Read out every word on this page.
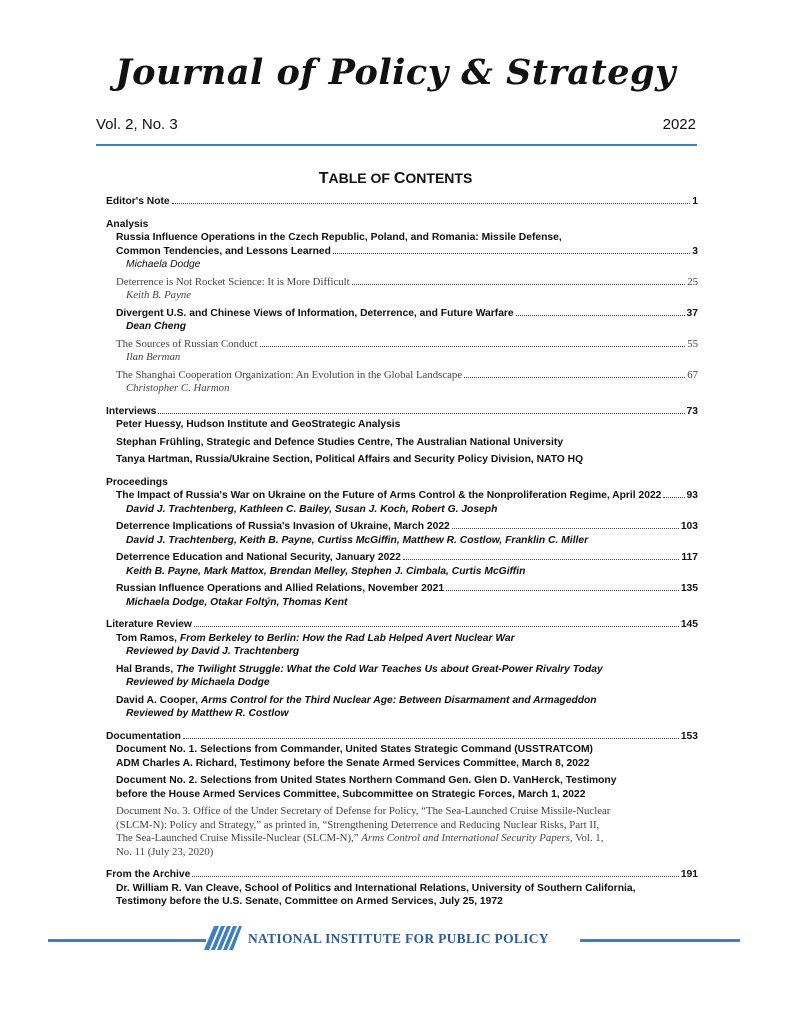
Journal of Policy & Strategy
Vol. 2, No. 3	2022
TABLE OF CONTENTS
Editor's Note	1
Analysis
Russia Influence Operations in the Czech Republic, Poland, and Romania: Missile Defense,
Common Tendencies, and Lessons Learned	3
Michaela Dodge
Deterrence is Not Rocket Science: It is More Difficult	25
Keith B. Payne
Divergent U.S. and Chinese Views of Information, Deterrence, and Future Warfare	37
Dean Cheng
The Sources of Russian Conduct	55
Ilan Berman
The Shanghai Cooperation Organization: An Evolution in the Global Landscape	67
Christopher C. Harmon
Interviews	73
Peter Huessy, Hudson Institute and GeoStrategic Analysis
Stephan Frühling, Strategic and Defence Studies Centre, The Australian National University
Tanya Hartman, Russia/Ukraine Section, Political Affairs and Security Policy Division, NATO HQ
Proceedings
The Impact of Russia's War on Ukraine on the Future of Arms Control & the Nonproliferation Regime, April 2022 93
David J. Trachtenberg, Kathleen C. Bailey, Susan J. Koch, Robert G. Joseph
Deterrence Implications of Russia's Invasion of Ukraine, March 2022	103
David J. Trachtenberg, Keith B. Payne, Curtiss McGiffin, Matthew R. Costlow, Franklin C. Miller
Deterrence Education and National Security, January 2022	117
Keith B. Payne, Mark Mattox, Brendan Melley, Stephen J. Cimbala, Curtis McGiffin
Russian Influence Operations and Allied Relations, November 2021	135
Michaela Dodge, Otakar Foltýn, Thomas Kent
Literature Review	145
Tom Ramos, From Berkeley to Berlin: How the Rad Lab Helped Avert Nuclear War
Reviewed by David J. Trachtenberg
Hal Brands, The Twilight Struggle: What the Cold War Teaches Us about Great-Power Rivalry Today
Reviewed by Michaela Dodge
David A. Cooper, Arms Control for the Third Nuclear Age: Between Disarmament and Armageddon
Reviewed by Matthew R. Costlow
Documentation	153
Document No. 1. Selections from Commander, United States Strategic Command (USSTRATCOM)
ADM Charles A. Richard, Testimony before the Senate Armed Services Committee, March 8, 2022
Document No. 2. Selections from United States Northern Command Gen. Glen D. VanHerck, Testimony
before the House Armed Services Committee, Subcommittee on Strategic Forces, March 1, 2022
Document No. 3. Office of the Under Secretary of Defense for Policy, “The Sea-Launched Cruise Missile-Nuclear
(SLCM-N): Policy and Strategy,” as printed in, “Strengthening Deterrence and Reducing Nuclear Risks, Part II,
The Sea-Launched Cruise Missile-Nuclear (SLCM-N),” Arms Control and International Security Papers, Vol. 1,
No. 11 (July 23, 2020)
From the Archive	191
Dr. William R. Van Cleave, School of Politics and International Relations, University of Southern California,
Testimony before the U.S. Senate, Committee on Armed Services, July 25, 1972
NATIONAL INSTITUTE FOR PUBLIC POLICY
